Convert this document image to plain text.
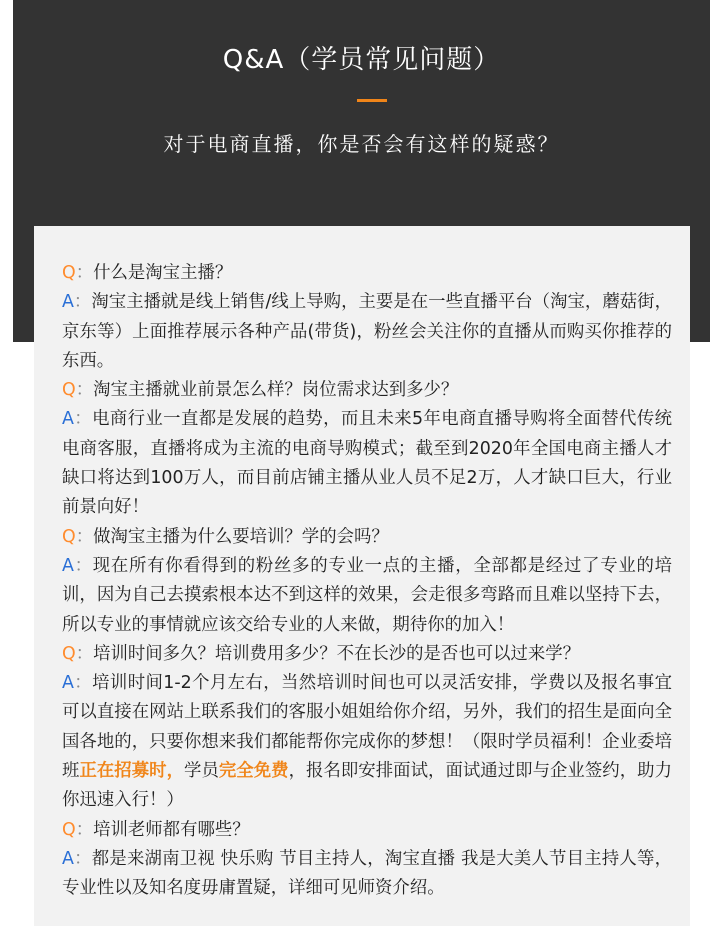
Q&A（学员常见问题）
对于电商直播，你是否会有这样的疑惑？

Q：什么是淘宝主播？

A：淘宝主播就是线上销售/线上导购，主要是在一些直播平台（淘宝，蘑菇街，京东等）上面推荐展示各种产品(带货)，粉丝会关注你的直播从而购买你推荐的东西。

Q：淘宝主播就业前景怎么样？岗位需求达到多少？

A：电商行业一直都是发展的趋势，而且未来5年电商直播导购将全面替代传统电商客服，直播将成为主流的电商导购模式；截至到2020年全国电商主播人才缺口将达到100万人，而目前店铺主播从业人员不足2万，人才缺口巨大，行业前景向好！

Q：做淘宝主播为什么要培训？学的会吗？

A：现在所有你看得到的粉丝多的专业一点的主播，全部都是经过了专业的培训，因为自己去摸索根本达不到这样的效果，会走很多弯路而且难以坚持下去，所以专业的事情就应该交给专业的人来做，期待你的加入！

Q：培训时间多久？培训费用多少？不在长沙的是否也可以过来学？

A：培训时间1-2个月左右，当然培训时间也可以灵活安排，学费以及报名事宜可以直接在网站上联系我们的客服小姐姐给你介绍，另外，我们的招生是面向全国各地的，只要你想来我们都能帮你完成你的梦想！（限时学员福利！企业委培班正在招募时，学员完全免费，报名即安排面试，面试通过即与企业签约，助力你迅速入行！）

Q：培训老师都有哪些？

A：都是来湖南卫视 快乐购 节目主持人，淘宝直播 我是大美人节目主持人等，专业性以及知名度毋庸置疑，详细可见师资介绍。
